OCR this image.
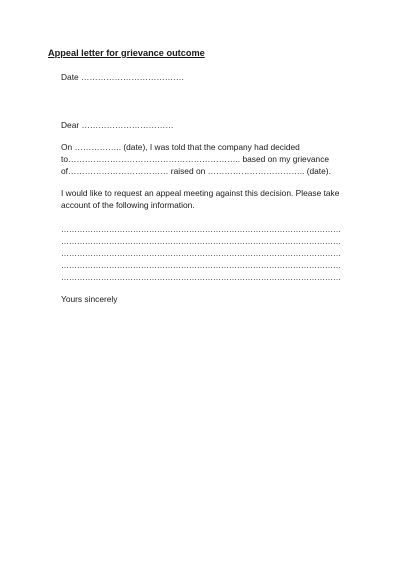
Appeal letter for grievance outcome
Date ……………………………….
Dear ……………………………
On …………….. (date), I was told that the company had decided
to…………………………………………………….. based on my grievance
of……………………………… raised on …………………………….. (date).
I would like to request an appeal meeting against this decision. Please take
account of the following information.
……………………………………………………………………………………………
……………………………………………………………………………………………
……………………………………………………………………………………………
……………………………………………………………………………………………
……………………………………………………………………………………………
Yours sincerely
